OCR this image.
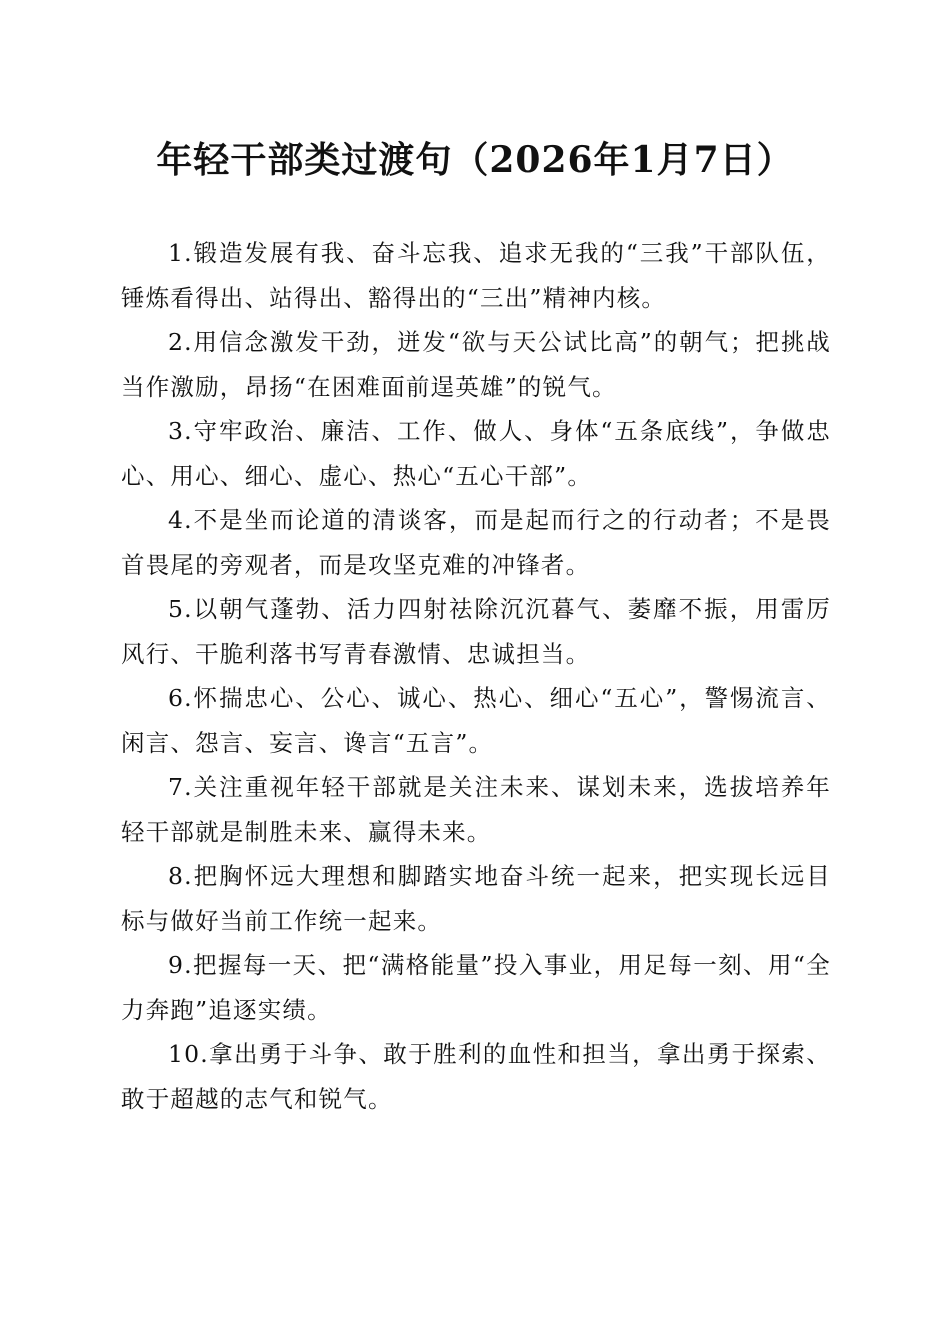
年轻干部类过渡句（2026年1月7日）

1.锻造发展有我、奋斗忘我、追求无我的“三我”干部队伍，锤炼看得出、站得出、豁得出的“三出”精神内核。

2.用信念激发干劲，迸发“欲与天公试比高”的朝气；把挑战当作激励，昂扬“在困难面前逞英雄”的锐气。

3.守牢政治、廉洁、工作、做人、身体“五条底线”，争做忠心、用心、细心、虚心、热心“五心干部”。

4.不是坐而论道的清谈客，而是起而行之的行动者；不是畏首畏尾的旁观者，而是攻坚克难的冲锋者。

5.以朝气蓬勃、活力四射祛除沉沉暮气、萎靡不振，用雷厉风行、干脆利落书写青春激情、忠诚担当。

6.怀揣忠心、公心、诚心、热心、细心“五心”，警惕流言、闲言、怨言、妄言、谗言“五言”。

7.关注重视年轻干部就是关注未来、谋划未来，选拔培养年轻干部就是制胜未来、赢得未来。

8.把胸怀远大理想和脚踏实地奋斗统一起来，把实现长远目标与做好当前工作统一起来。

9.把握每一天、把“满格能量”投入事业，用足每一刻、用“全力奔跑”追逐实绩。

10.拿出勇于斗争、敢于胜利的血性和担当，拿出勇于探索、敢于超越的志气和锐气。
